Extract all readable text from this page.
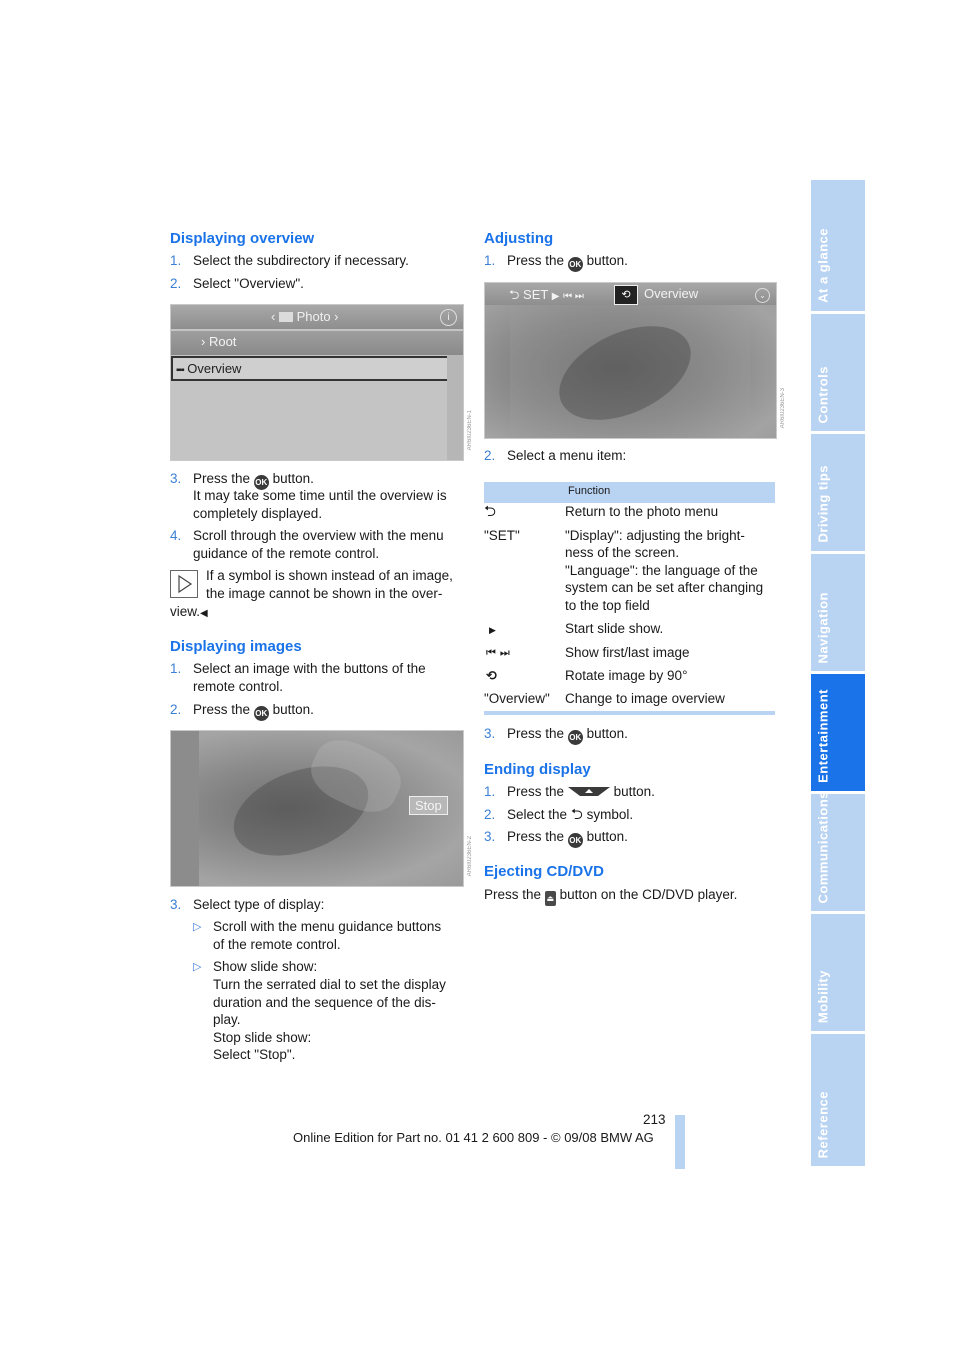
Displaying overview
1. Select the subdirectory if necessary.

2. Select "Overview".

‹  Photo ›	i
› Root
▪▪▪ Overview
AR6I0236EN-1
3. Press the OK button.

It may take some time until the overview is

completely displayed.

4. Scroll through the overview with the menu

guidance of the remote control.

If a symbol is shown instead of an image,

the image cannot be shown in the over-

view.◀

Displaying images
1. Select an image with the buttons of the

remote control.

2. Press the OK button.

Stop
AR6I0236EN-2
3. Select type of display:

▷ Scroll with the menu guidance buttons

of the remote control.

▷ Show slide show:

Turn the serrated dial to set the display

duration and the sequence of the dis-

play.

Stop slide show:

Select "Stop".

Adjusting
1. Press the OK button.

⮌ SET ▶ ⏮ ⏭	⟲	Overview	⌄
AR6I0236EN-3
2. Select a menu item:

Function
⮌	Return to the photo menu

"SET"	"Display": adjusting the bright-

ness of the screen.

"Language": the language of the

system can be set after changing

to the top field

▶	Start slide show.

⏮⏭	Show first/last image

⟲	Rotate image by 90°

"Overview" Change to image overview

3. Press the OK button.

Ending display
1. Press the	button.

2. Select the ⮌ symbol.

3. Press the OK button.

Ejecting CD/DVD

Press the ⏏ button on the CD/DVD player.

At a glance
Controls
Driving tips
Navigation
Entertainment
Communications
Mobility
Reference
213

Online Edition for Part no. 01 41 2 600 809 - © 09/08 BMW AG
